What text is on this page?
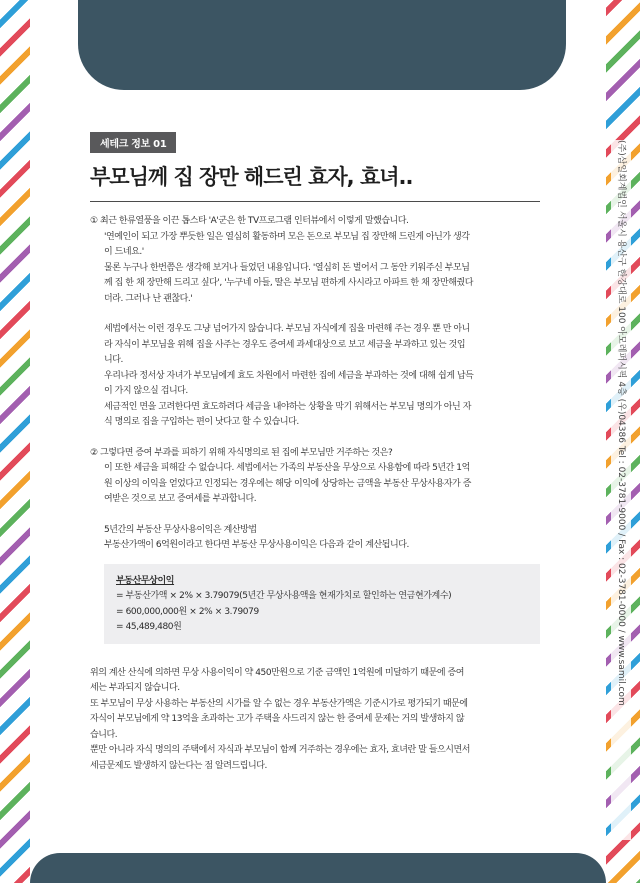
(주)삼일회계법인 서울시 용산구 한강대로 100 아모레퍼시픽 4층 (우)04386 Tel : 02-3781-9000 / Fax : 02-3781-0000 / www.samil.com
세테크 정보 01
부모님께 집 장만 해드린 효자, 효녀..

① 최근 한류열풍을 이끈 톱스타 'A'군은 한 TV프로그램 인터뷰에서 이렇게 말했습니다.

'연예인이 되고 가장 뿌듯한 일은 열심히 활동하며 모은 돈으로 부모님 집 장만해 드린게 아닌가 생각

이 드네요.'

물론 누구나 한번쯤은 생각해 보거나 들었던 내용입니다. '열심히 돈 벌어서 그 동안 키워주신 부모님

께 집 한 채 장만해 드리고 싶다', '누구네 아들, 딸은 부모님 편하게 사시라고 아파트 한 채 장만해줬다

더라. 그러나 난 괜찮다.'

세법에서는 이런 경우도 그냥 넘어가지 않습니다. 부모님 자식에게 집을 마련해 주는 경우 뿐 만 아니

라 자식이 부모님을 위해 집을 사주는 경우도 증여세 과세대상으로 보고 세금을 부과하고 있는 것입

니다.

우리나라 정서상 자녀가 부모님에게 효도 차원에서 마련한 집에 세금을 부과하는 것에 대해 쉽게 납득

이 가지 않으실 겁니다.

세금적인 면을 고려한다면 효도하려다 세금을 내야하는 상황을 막기 위해서는 부모님 명의가 아닌 자

식 명의로 집을 구입하는 편이 낫다고 할 수 있습니다.

② 그렇다면 증여 부과를 피하기 위해 자식명의로 된 집에 부모님만 거주하는 것은?

이 또한 세금을 피해갈 수 없습니다. 세법에서는 가족의 부동산을 무상으로 사용함에 따라 5년간 1억

원 이상의 이익을 얻었다고 인정되는 경우에는 해당 이익에 상당하는 금액을 부동산 무상사용자가 증

여받은 것으로 보고 증여세를 부과합니다.

5년간의 부동산 무상사용이익은 계산방법

부동산가액이 6억원이라고 한다면 부동산 무상사용이익은 다음과 같이 계산됩니다.

부동산무상이익

= 부동산가액 × 2% × 3.79079(5년간 무상사용액을 현재가치로 할인하는 연금현가계수)

= 600,000,000원 × 2% × 3.79079

= 45,489,480원

위의 계산 산식에 의하면 무상 사용이익이 약 450만원으로 기준 금액인 1억원에 미달하기 때문에 증여

세는 부과되지 않습니다.

또 부모님이 무상 사용하는 부동산의 시가를 알 수 없는 경우 부동산가액은 기준시가로 평가되기 때문에

자식이 부모님에게 약 13억을 초과하는 고가 주택을 사드리지 않는 한 증여세 문제는 거의 발생하지 않

습니다.

뿐만 아니라 자식 명의의 주택에서 자식과 부모님이 함께 거주하는 경우에는 효자, 효녀란 말 들으시면서

세금문제도 발생하지 않는다는 점 알려드립니다.
